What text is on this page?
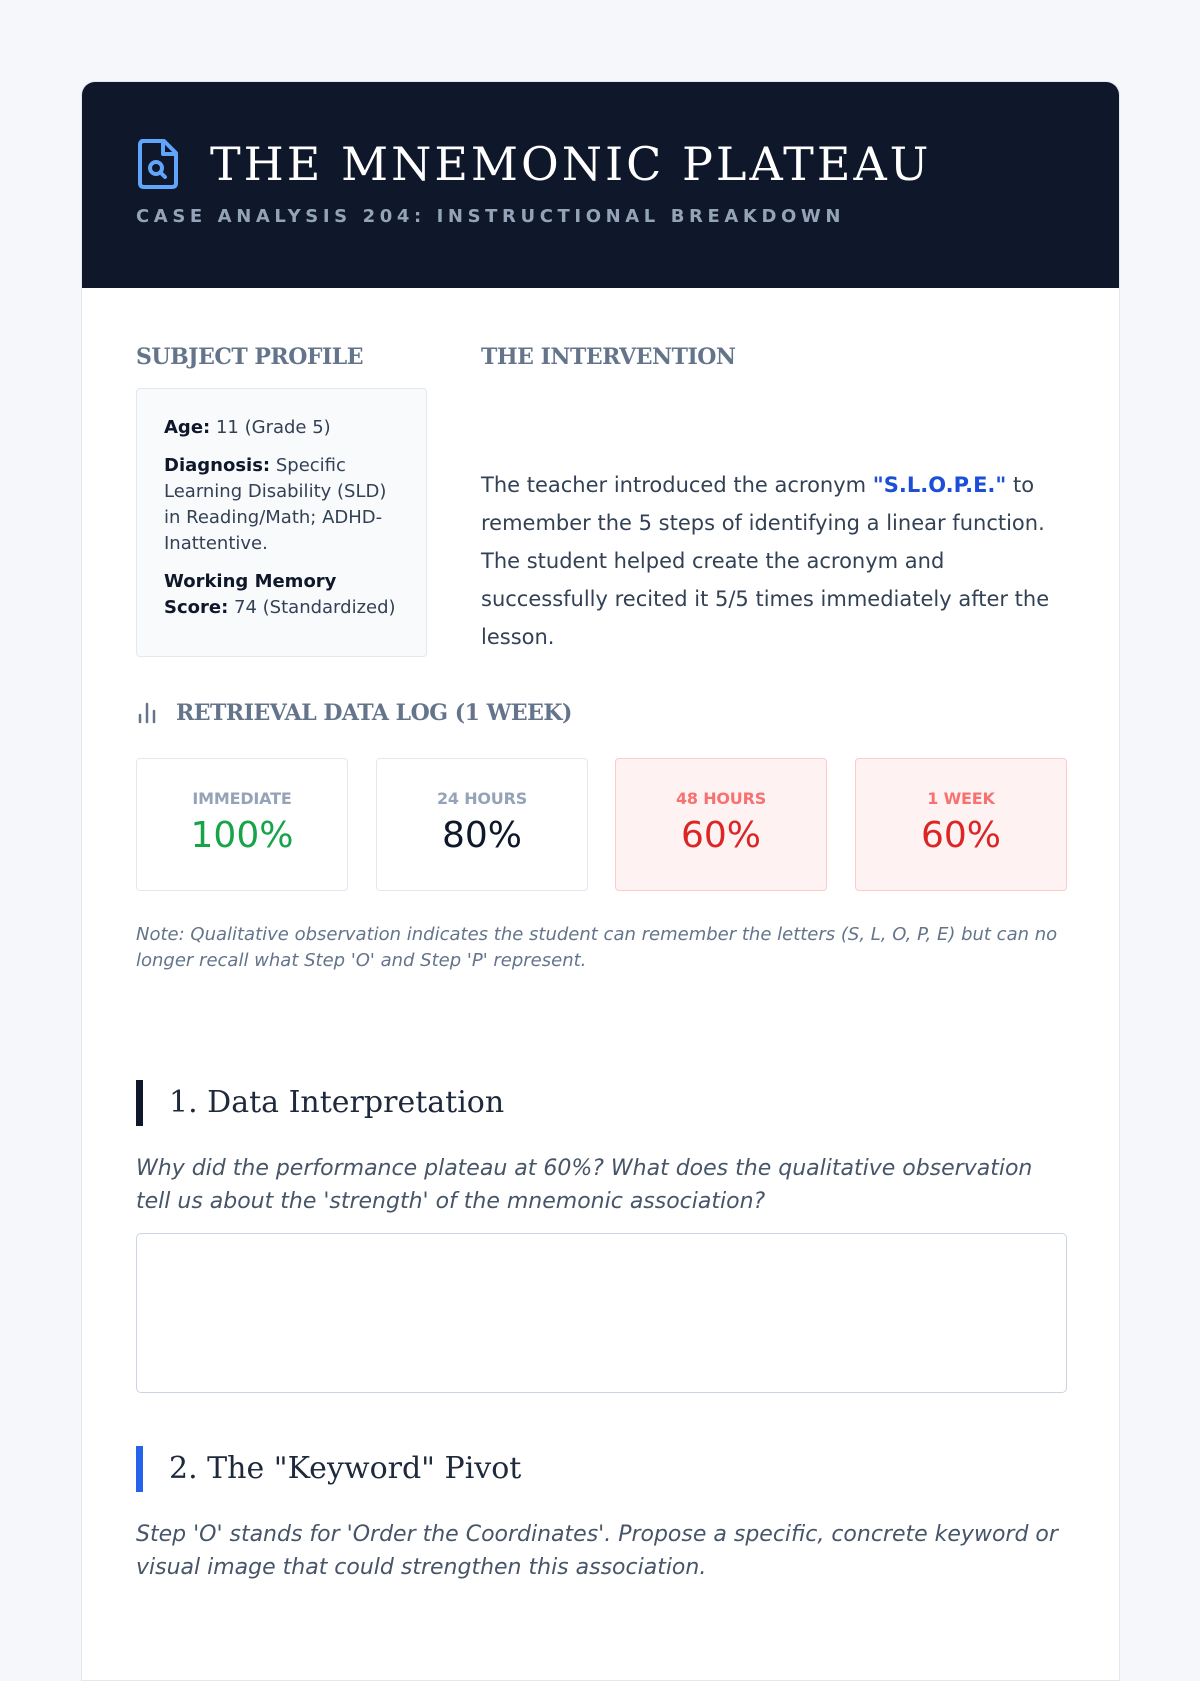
THE MNEMONIC PLATEAU
CASE ANALYSIS 204: INSTRUCTIONAL BREAKDOWN
SUBJECT PROFILE

Age: 11 (Grade 5)

Diagnosis: Specific Learning Disability (SLD) in Reading/Math; ADHD-Inattentive.

Working Memory Score: 74 (Standardized)

THE INTERVENTION

The teacher introduced the acronym "S.L.O.P.E." to remember the 5 steps of identifying a linear function. The student helped create the acronym and successfully recited it 5/5 times immediately after the lesson.

RETRIEVAL DATA LOG (1 WEEK)
IMMEDIATE
100%
24 HOURS
80%
48 HOURS
60%
1 WEEK
60%

Note: Qualitative observation indicates the student can remember the letters (S, L, O, P, E) but can no longer recall what Step 'O' and Step 'P' represent.

1. Data Interpretation

Why did the performance plateau at 60%? What does the qualitative observation tell us about the 'strength' of the mnemonic association?

2. The "Keyword" Pivot

Step 'O' stands for 'Order the Coordinates'. Propose a specific, concrete keyword or visual image that could strengthen this association.
